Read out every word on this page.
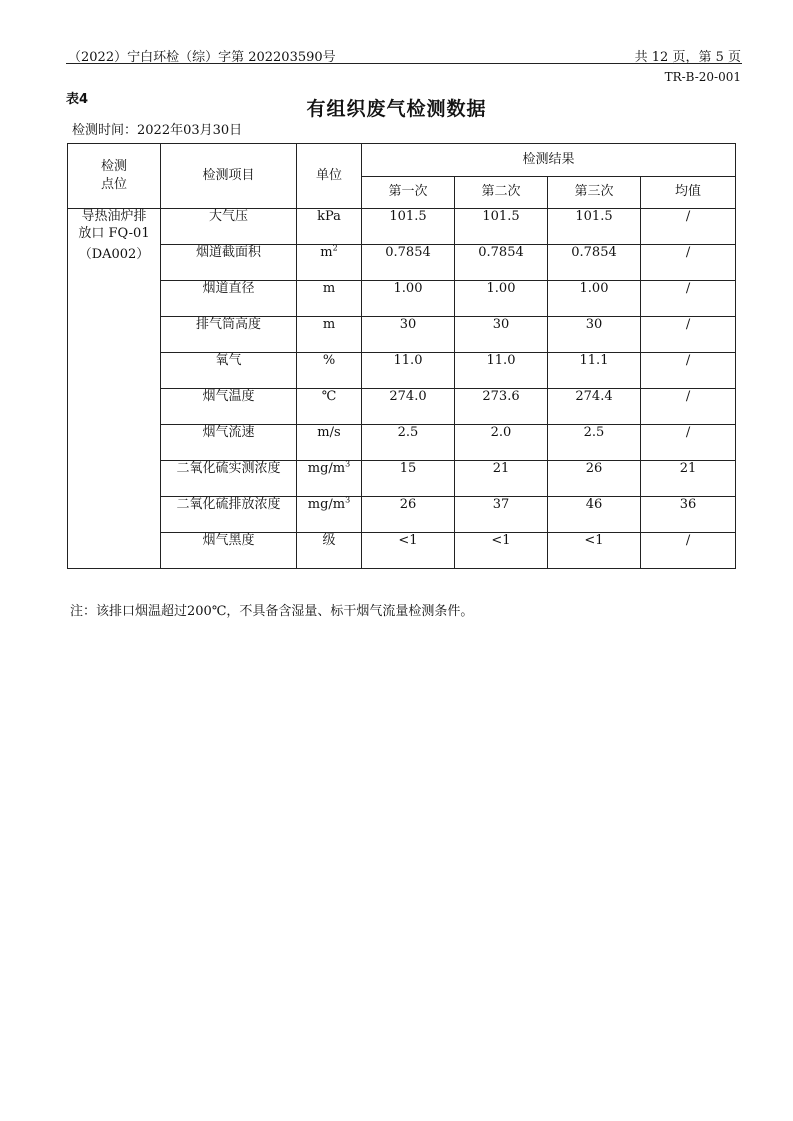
（2022）宁白环检（综）字第 202203590号	共 12 页，第 5 页
TR-B-20-001
表4	有组织废气检测数据
检测时间：2022年03月30日
检测
点位	检测项目	单位	检测结果			
			第一次	第二次	第三次	均值

导热油炉排
放口 FQ-01
（DA002）	大气压	kPa	101.5	101.5	101.5	/
	烟道截面积	$m^2$	0.7854	0.7854	0.7854	/
	烟道直径	m	1.00	1.00	1.00	/
	排气筒高度	m	30	30	30	/
	氧气	%	11.0	11.0	11.1	/
	烟气温度	℃	274.0	273.6	274.4	/
	烟气流速	m/s	2.5	2.0	2.5	/
	二氧化硫实测浓度	$mg/m^3$	15	21	26	21
	二氧化硫排放浓度	$mg/m^3$	26	37	46	36
	烟气黑度	级	<1	<1	<1	/
注：该排口烟温超过200℃，不具备含湿量、标干烟气流量检测条件。
